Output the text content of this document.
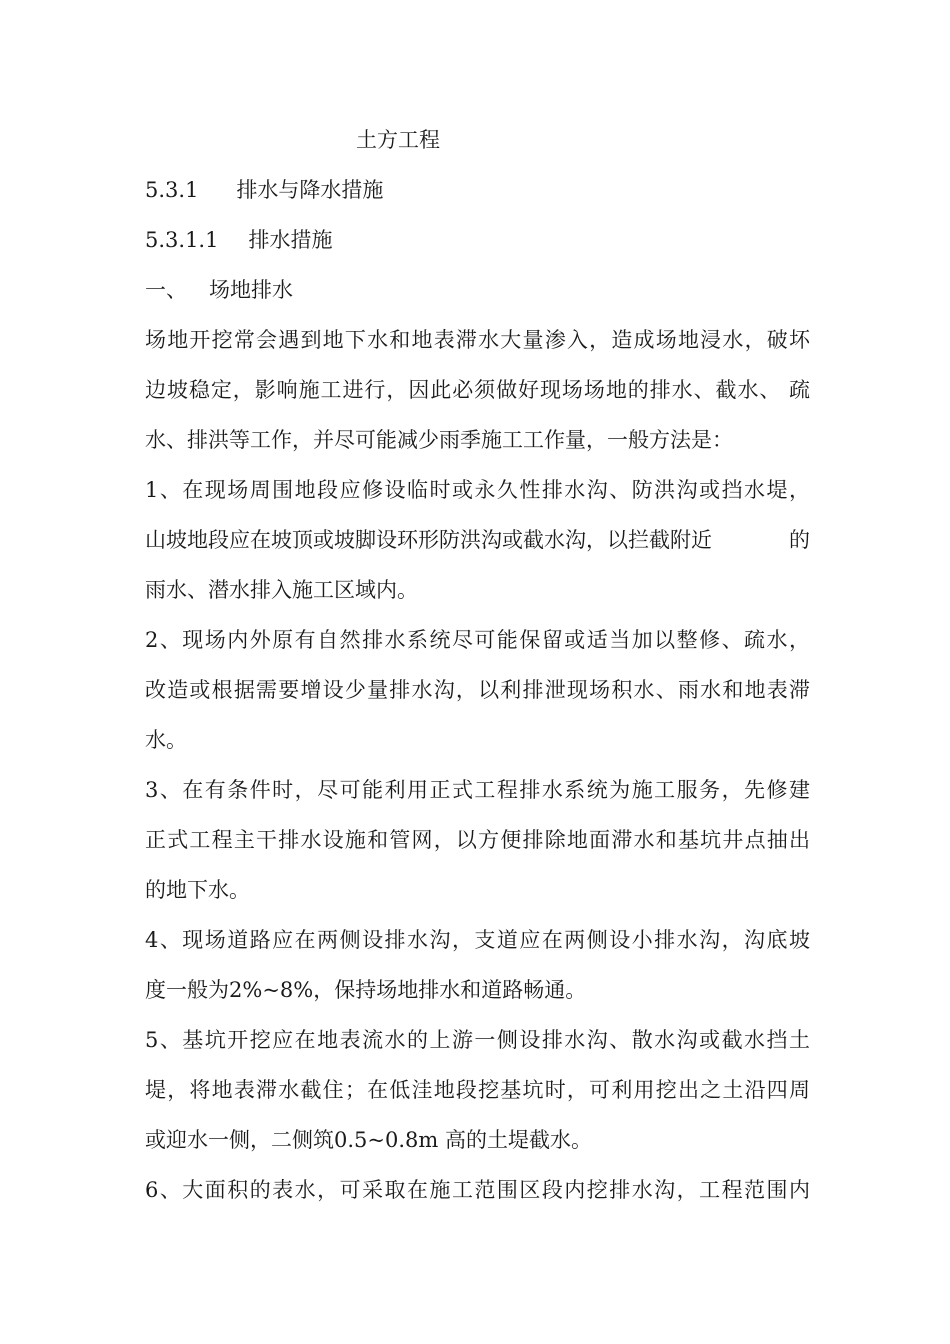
土方工程
5.3.1 排水与降水措施
5.3.1.1 排水措施
一、 场地排水
场地开挖常会遇到地下水和地表滞水大量渗入，造成场地浸水，破坏
边坡稳定，影响施工进行，因此必须做好现场场地的排水、截水、 疏
水、排洪等工作，并尽可能减少雨季施工工作量，一般方法是：
1、在现场周围地段应修设临时或永久性排水沟、防洪沟或挡水堤，
山坡地段应在坡顶或坡脚设环形防洪沟或截水沟，以拦截附近	的
雨水、潜水排入施工区域内。
2、现场内外原有自然排水系统尽可能保留或适当加以整修、疏水，
改造或根据需要增设少量排水沟，以利排泄现场积水、雨水和地表滞
水。
3、在有条件时，尽可能利用正式工程排水系统为施工服务，先修建
正式工程主干排水设施和管网，以方便排除地面滞水和基坑井点抽出
的地下水。
4、现场道路应在两侧设排水沟，支道应在两侧设小排水沟，沟底坡
度一般为2%~8%，保持场地排水和道路畅通。
5、基坑开挖应在地表流水的上游一侧设排水沟、散水沟或截水挡土
堤，将地表滞水截住；在低洼地段挖基坑时，可利用挖出之土沿四周
或迎水一侧，二侧筑0.5~0.8m 高的土堤截水。
6、大面积的表水，可采取在施工范围区段内挖排水沟，工程范围内
